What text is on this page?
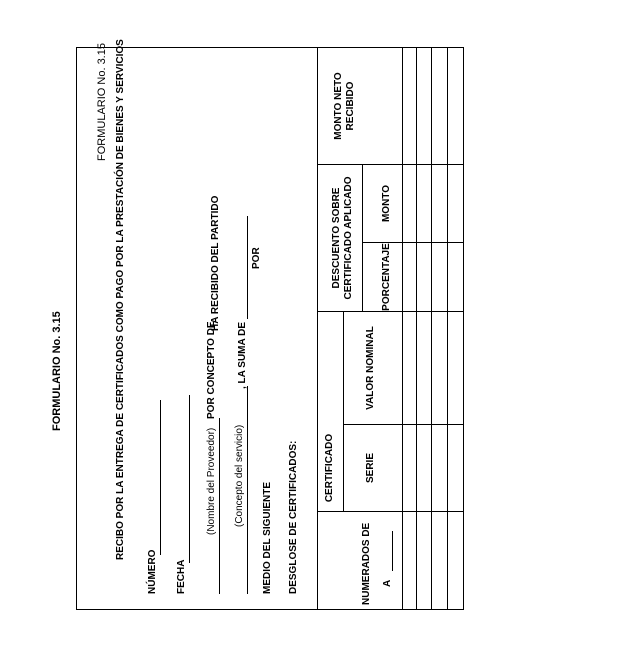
FORMULARIO No. 3.15
FORMULARIO No. 3.15 RECIBO POR LA ENTREGA DE CERTIFICADOS COMO PAGO POR LA PRESTACIÓN DE BIENES Y SERVICIOS
NÚMERO FECHA
(Nombre del Proveedor)
POR CONCEPTO DE
HA RECIBIDO DEL PARTIDO
(Concepto del servicio)
, LA SUMA DE
POR
MEDIO DEL SIGUIENTE DESGLOSE DE CERTIFICADOS:	CERTIFICADO
NUMERADOS DE A
SERIE
VALOR NOMINAL
DESCUENTO SOBRE CERTIFICADO APLICADO	PORCENTAJE
MONTO
MONTO NETO RECIBIDO
